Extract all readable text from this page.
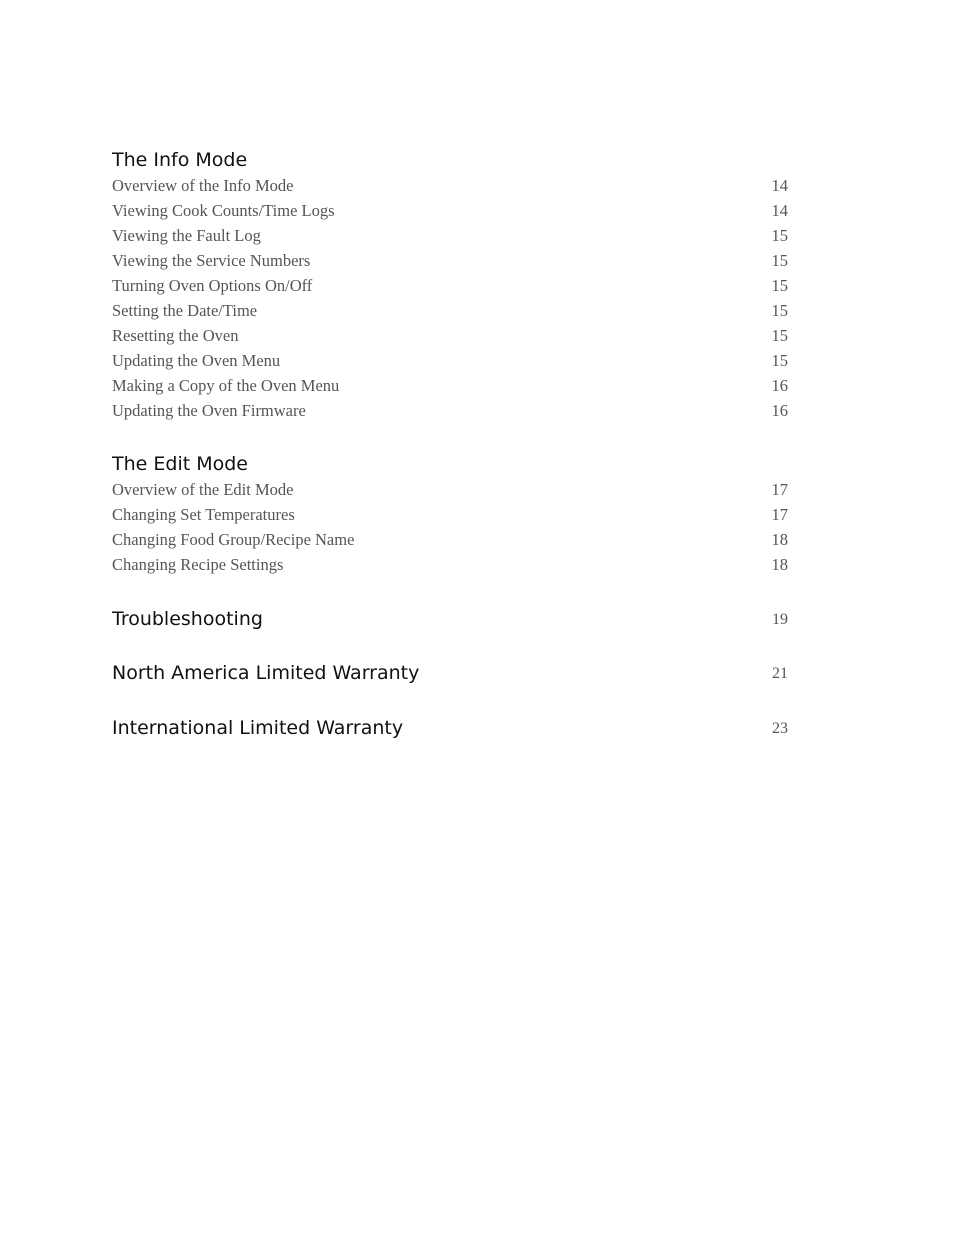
The Info Mode
Overview of the Info Mode	14
Viewing Cook Counts/Time Logs	14
Viewing the Fault Log	15
Viewing the Service Numbers	15
Turning Oven Options On/Off	15
Setting the Date/Time	15
Resetting the Oven	15
Updating the Oven Menu	15
Making a Copy of the Oven Menu	16
Updating the Oven Firmware	16
The Edit Mode
Overview of the Edit Mode	17
Changing Set Temperatures	17
Changing Food Group/Recipe Name	18
Changing Recipe Settings	18
Troubleshooting	19
North America Limited Warranty	21
International Limited Warranty	23
